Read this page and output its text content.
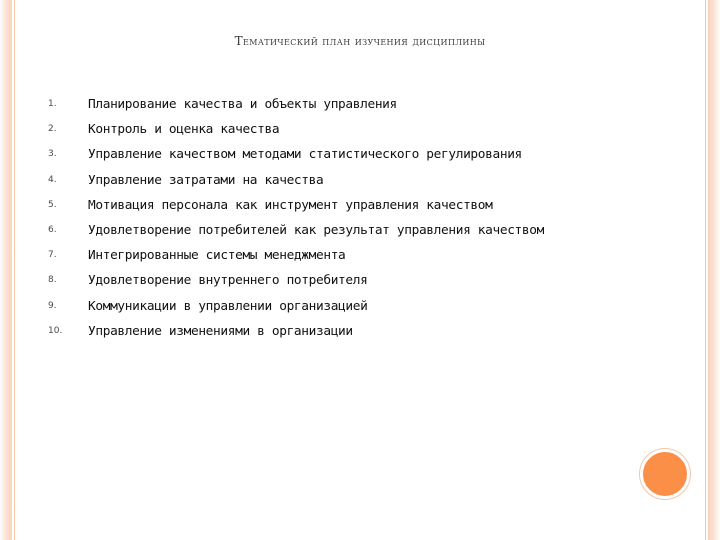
Тематический план изучения дисциплины
1.	Планирование качества и объекты управления
2.	Контроль и оценка качества
3.	Управление качеством методами статистического регулирования
4.	Управление затратами на качества
5.	Мотивация персонала как инструмент управления качеством
6.	Удовлетворение потребителей как результат управления качеством
7.	Интегрированные системы менеджмента
8.	Удовлетворение внутреннего потребителя
9.	Коммуникации в управлении организацией
10.	Управление изменениями в организации
